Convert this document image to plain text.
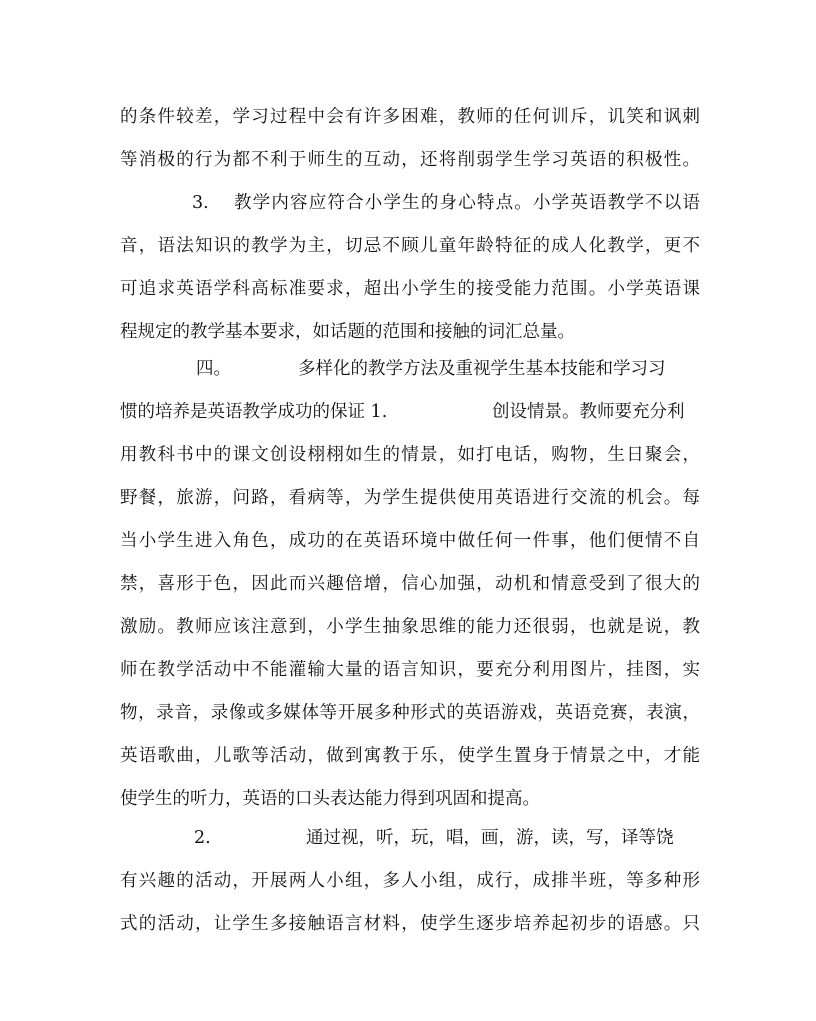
的条件较差，学习过程中会有许多困难，教师的任何训斥，讥笑和讽刺
等消极的行为都不利于师生的互动，还将削弱学生学习英语的积极性。
3. 教学内容应符合小学生的身心特点。小学英语教学不以语
音，语法知识的教学为主，切忌不顾儿童年龄特征的成人化教学，更不
可追求英语学科高标准要求，超出小学生的接受能力范围。小学英语课
程规定的教学基本要求，如话题的范围和接触的词汇总量。
四。	多样化的教学方法及重视学生基本技能和学习习
惯的培养是英语教学成功的保证 1.	创设情景。教师要充分利
用教科书中的课文创设栩栩如生的情景，如打电话，购物，生日聚会，
野餐，旅游，问路，看病等，为学生提供使用英语进行交流的机会。每
当小学生进入角色，成功的在英语环境中做任何一件事，他们便情不自
禁，喜形于色，因此而兴趣倍增，信心加强，动机和情意受到了很大的
激励。教师应该注意到，小学生抽象思维的能力还很弱，也就是说，教
师在教学活动中不能灌输大量的语言知识，要充分利用图片，挂图，实
物，录音，录像或多媒体等开展多种形式的英语游戏，英语竞赛，表演，
英语歌曲，儿歌等活动，做到寓教于乐，使学生置身于情景之中，才能
使学生的听力，英语的口头表达能力得到巩固和提高。
2.	通过视，听，玩，唱，画，游，读，写，译等饶
有兴趣的活动，开展两人小组，多人小组，成行，成排半班，等多种形
式的活动，让学生多接触语言材料，使学生逐步培养起初步的语感。只
